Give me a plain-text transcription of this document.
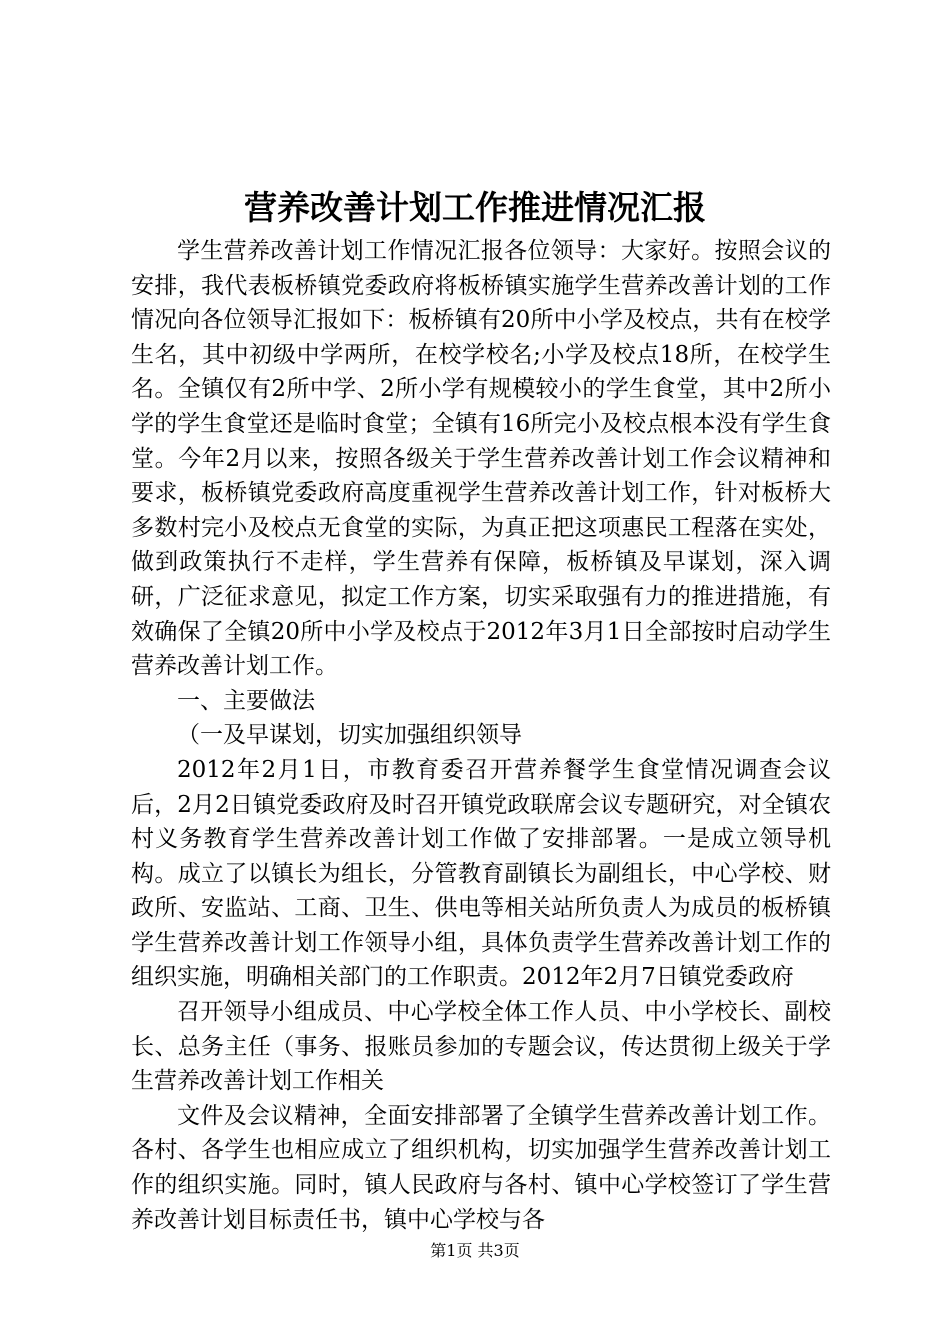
营养改善计划工作推进情况汇报

学生营养改善计划工作情况汇报各位领导：大家好。按照会议的安排，我代表板桥镇党委政府将板桥镇实施学生营养改善计划的工作情况向各位领导汇报如下：板桥镇有20所中小学及校点，共有在校学生名，其中初级中学两所，在校学校名;小学及校点18所，在校学生名。全镇仅有2所中学、2所小学有规模较小的学生食堂，其中2所小学的学生食堂还是临时食堂；全镇有16所完小及校点根本没有学生食堂。今年2月以来，按照各级关于学生营养改善计划工作会议精神和要求，板桥镇党委政府高度重视学生营养改善计划工作，针对板桥大多数村完小及校点无食堂的实际，为真正把这项惠民工程落在实处，做到政策执行不走样，学生营养有保障，板桥镇及早谋划，深入调研，广泛征求意见，拟定工作方案，切实采取强有力的推进措施，有效确保了全镇20所中小学及校点于2012年3月1日全部按时启动学生营养改善计划工作。

一、主要做法

（一及早谋划，切实加强组织领导

2012年2月1日，市教育委召开营养餐学生食堂情况调查会议后，2月2日镇党委政府及时召开镇党政联席会议专题研究，对全镇农村义务教育学生营养改善计划工作做了安排部署。一是成立领导机构。成立了以镇长为组长，分管教育副镇长为副组长，中心学校、财政所、安监站、工商、卫生、供电等相关站所负责人为成员的板桥镇学生营养改善计划工作领导小组，具体负责学生营养改善计划工作的组织实施，明确相关部门的工作职责。2012年2月7日镇党委政府

召开领导小组成员、中心学校全体工作人员、中小学校长、副校长、总务主任（事务、报账员参加的专题会议，传达贯彻上级关于学生营养改善计划工作相关

文件及会议精神，全面安排部署了全镇学生营养改善计划工作。各村、各学生也相应成立了组织机构，切实加强学生营养改善计划工作的组织实施。同时，镇人民政府与各村、镇中心学校签订了学生营养改善计划目标责任书，镇中心学校与各

第1页 共3页
